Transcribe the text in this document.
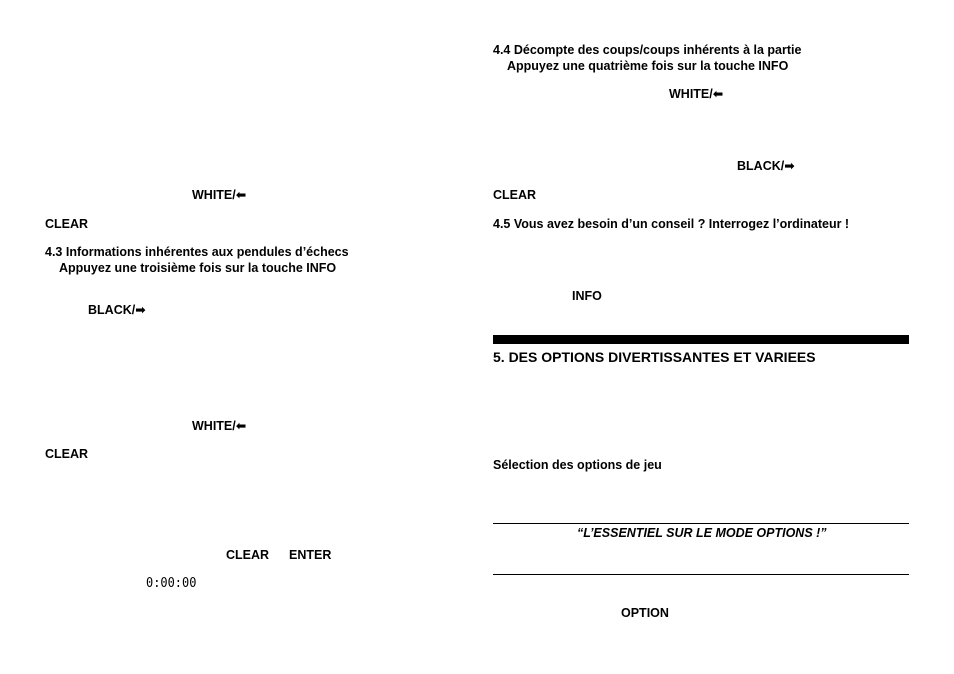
WHITE/⬅
CLEAR
4.3 Informations inhérentes aux pendules d’échecs
Appuyez une troisième fois sur la touche INFO
BLACK/➡
WHITE/⬅
CLEAR
CLEAR ENTER
0:00:00
4.4 Décompte des coups/coups inhérents à la partie
Appuyez une quatrième fois sur la touche INFO
WHITE/⬅
BLACK/➡
CLEAR
4.5 Vous avez besoin d’un conseil ? Interrogez l’ordinateur !
INFO
5. DES OPTIONS DIVERTISSANTES ET VARIEES
Sélection des options de jeu
“L’ESSENTIEL SUR LE MODE OPTIONS !”
OPTION
